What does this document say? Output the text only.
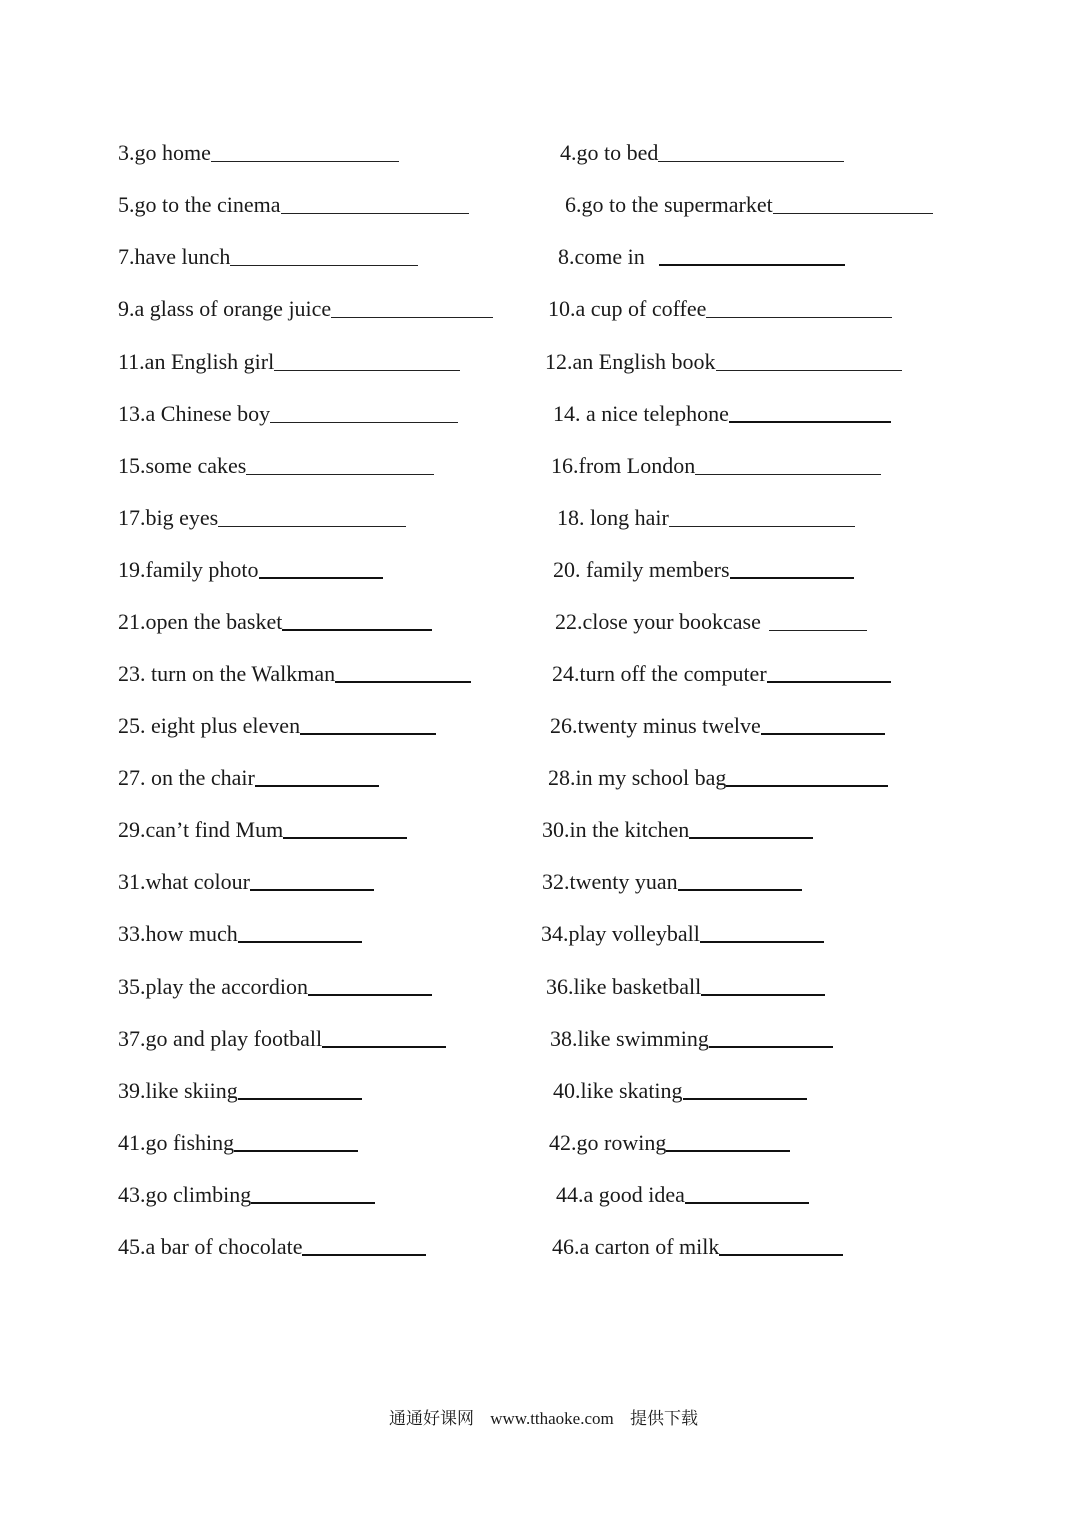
3.go home	4.go to bed
5.go to the cinema	6.go to the supermarket
7.have lunch	8.come in
9.a glass of orange juice	10.a cup of coffee
11.an English girl	12.an English book
13.a Chinese boy	14. a nice telephone
15.some cakes	16.from London
17.big eyes	18. long hair
19.family photo	20. family members
21.open the basket	22.close your bookcase
23. turn on the Walkman	24.turn off the computer
25. eight plus eleven	26.twenty minus twelve
27. on the chair	28.in my school bag
29.can’t find Mum	30.in the kitchen
31.what colour	32.twenty yuan
33.how much	34.play volleyball
35.play the accordion	36.like basketball
37.go and play football	38.like swimming
39.like skiing	40.like skating
41.go fishing	42.go rowing
43.go climbing	44.a good idea
45.a bar of chocolate	46.a carton of milk
通通好课网 www.tthaoke.com 提供下载
